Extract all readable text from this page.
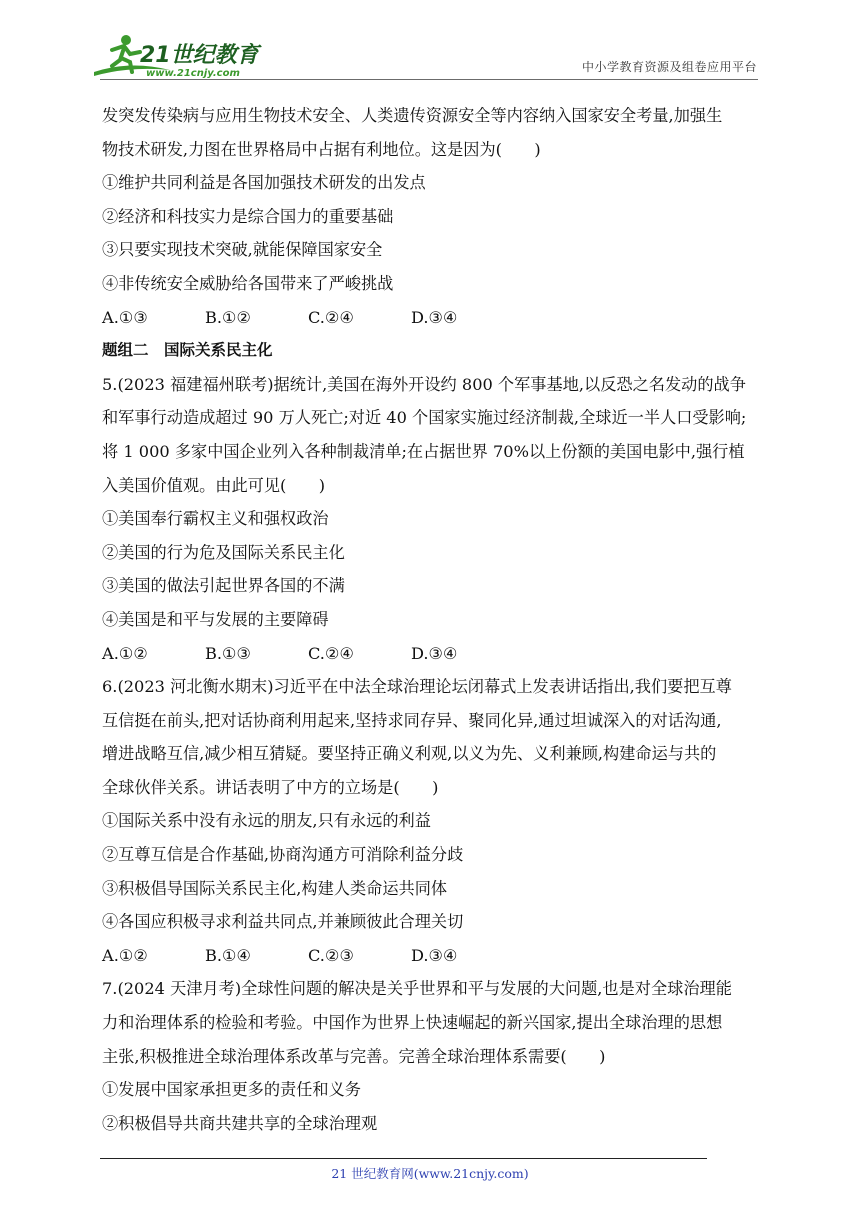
21世纪教育
www.21cnjy.com	中小学教育资源及组卷应用平台
发突发传染病与应用生物技术安全、人类遗传资源安全等内容纳入国家安全考量,加强生
物技术研发,力图在世界格局中占据有利地位。这是因为(　　)
①维护共同利益是各国加强技术研发的出发点
②经济和科技实力是综合国力的重要基础
③只要实现技术突破,就能保障国家安全
④非传统安全威胁给各国带来了严峻挑战
A.①③	B.①②	C.②④	D.③④
题组二　国际关系民主化
5.(2023 福建福州联考)据统计,美国在海外开设约 800 个军事基地,以反恐之名发动的战争
和军事行动造成超过 90 万人死亡;对近 40 个国家实施过经济制裁,全球近一半人口受影响;
将 1 000 多家中国企业列入各种制裁清单;在占据世界 70%以上份额的美国电影中,强行植
入美国价值观。由此可见(　　)
①美国奉行霸权主义和强权政治
②美国的行为危及国际关系民主化
③美国的做法引起世界各国的不满
④美国是和平与发展的主要障碍
A.①②	B.①③	C.②④	D.③④
6.(2023 河北衡水期末)习近平在中法全球治理论坛闭幕式上发表讲话指出,我们要把互尊
互信挺在前头,把对话协商利用起来,坚持求同存异、聚同化异,通过坦诚深入的对话沟通,
增进战略互信,减少相互猜疑。要坚持正确义利观,以义为先、义利兼顾,构建命运与共的
全球伙伴关系。讲话表明了中方的立场是(　　)
①国际关系中没有永远的朋友,只有永远的利益
②互尊互信是合作基础,协商沟通方可消除利益分歧
③积极倡导国际关系民主化,构建人类命运共同体
④各国应积极寻求利益共同点,并兼顾彼此合理关切
A.①②	B.①④	C.②③	D.③④
7.(2024 天津月考)全球性问题的解决是关乎世界和平与发展的大问题,也是对全球治理能
力和治理体系的检验和考验。中国作为世界上快速崛起的新兴国家,提出全球治理的思想
主张,积极推进全球治理体系改革与完善。完善全球治理体系需要(　　)
①发展中国家承担更多的责任和义务
②积极倡导共商共建共享的全球治理观
21 世纪教育网(www.21cnjy.com)
